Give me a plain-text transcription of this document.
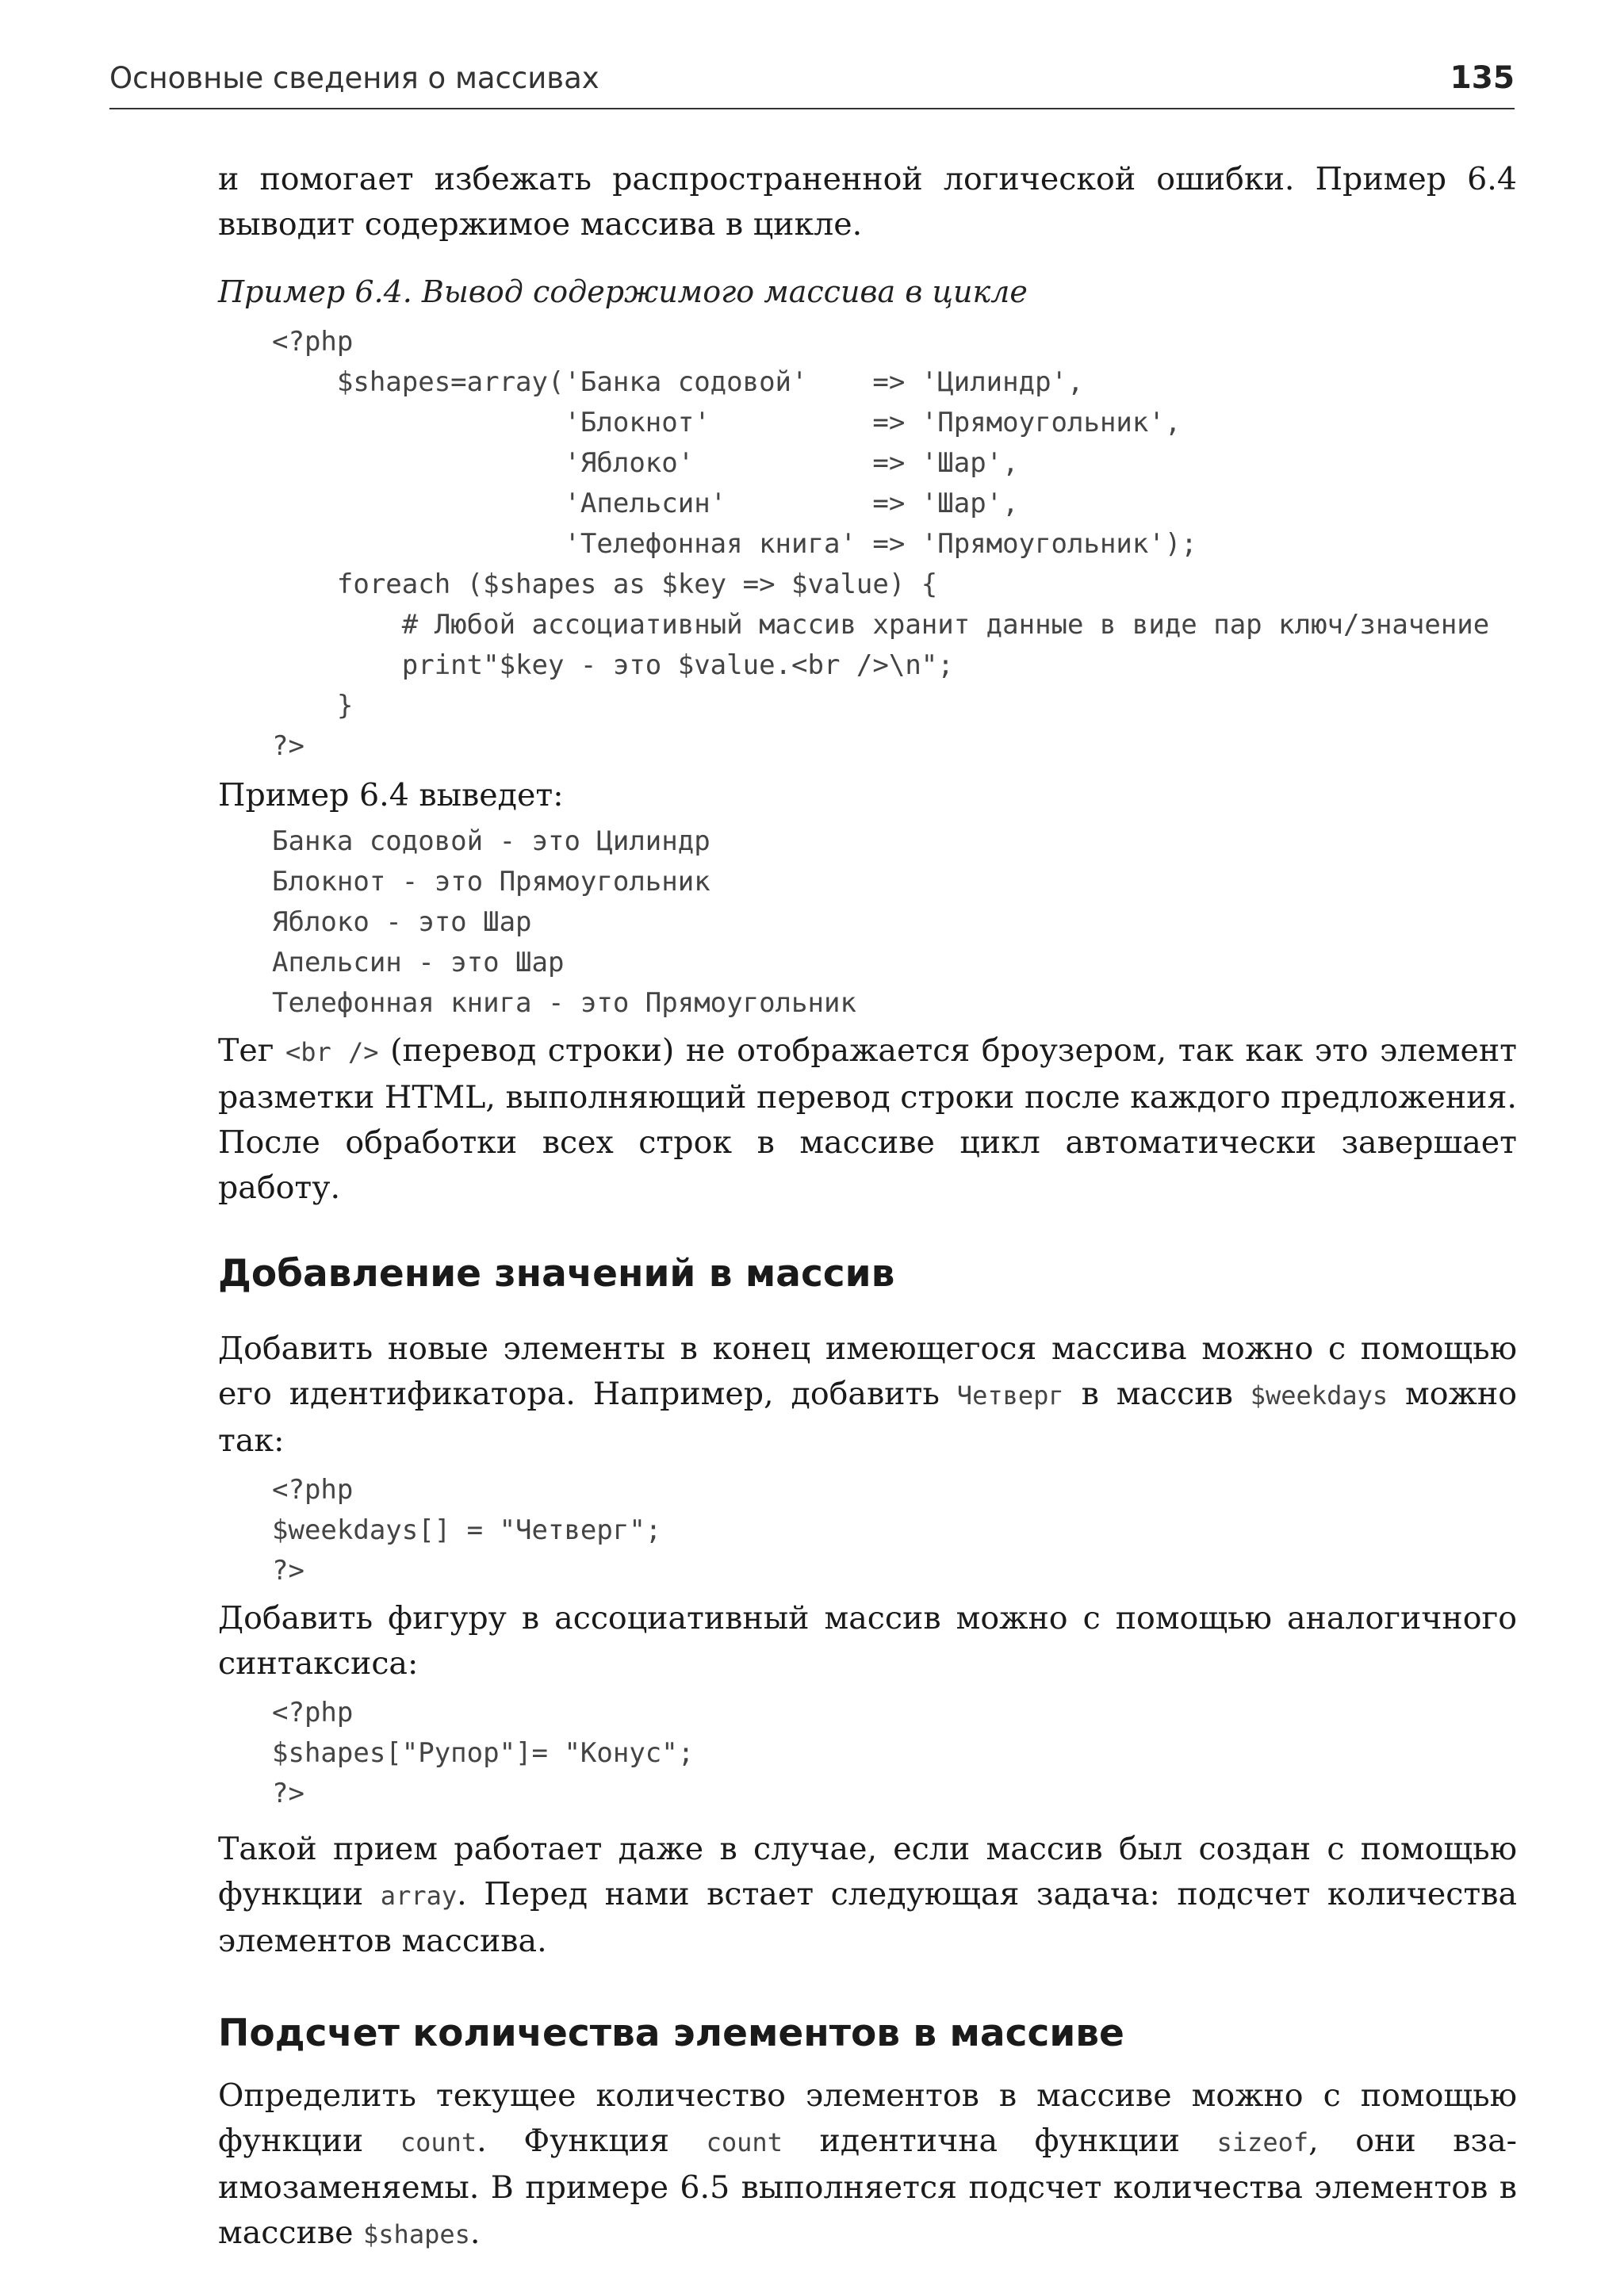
Основные сведения о массивах	135

и помогает избежать распространенной логической ошибки. Пример 6.4 выводит содержимое массива в цикле.

Пример 6.4. Вывод содержимого массива в цикле
<?php
$shapes=array('Банка содовой'    => 'Цилиндр',
'Блокнот'          => 'Прямоугольник',
'Яблоко'           => 'Шар',
'Апельсин'         => 'Шар',
'Телефонная книга' => 'Прямоугольник');
foreach ($shapes as $key => $value) {
# Любой ассоциативный массив хранит данные в виде пар ключ/значение
print"$key - это $value.<br />\n";
}
?>

Пример 6.4 выведет:

Банка содовой - это Цилиндр
Блокнот - это Прямоугольник
Яблоко - это Шар
Апельсин - это Шар
Телефонная книга - это Прямоугольник

Тег <br /> (перевод строки) не отображается броузером, так как это элемент разметки HTML, выполняющий перевод строки после каждого предложения. После обработки всех строк в массиве цикл автоматически завершает работу.

Добавление значений в массив

Добавить новые элементы в конец имеющегося массива можно с помощью его идентификатора. Например, добавить Четверг в массив $weekdays можно так:

<?php
$weekdays[] = "Четверг";
?>

Добавить фигуру в ассоциативный массив можно с помощью аналогичного синтаксиса:

<?php
$shapes["Рупор"]= "Конус";
?>

Такой прием работает даже в случае, если массив был создан с помощью функции array. Перед нами встает следующая задача: подсчет количества элементов массива.

Подсчет количества элементов в массиве

Определить текущее количество элементов в массиве можно с помощью функции count. Функция count идентична функции sizeof, они взаимозаменяемы. В примере 6.5 выполняется подсчет количества элементов в массиве $shapes.
